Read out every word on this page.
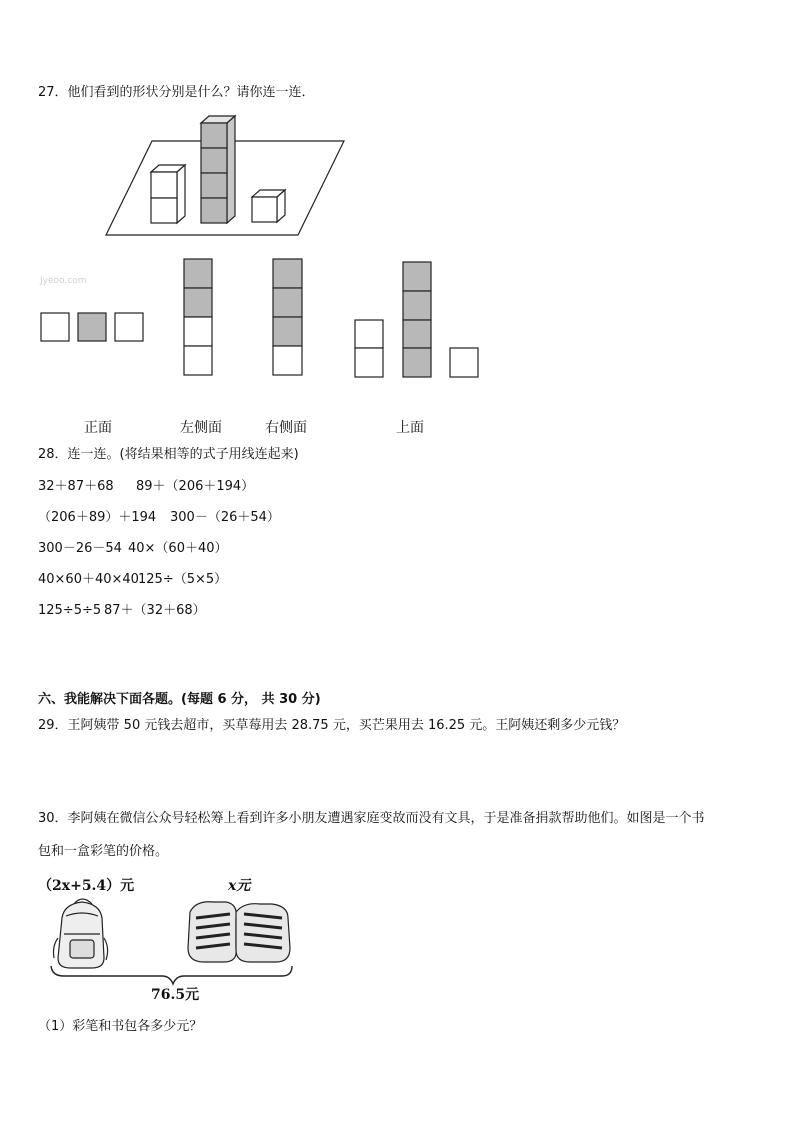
27．他们看到的形状分别是什么？请你连一连．
Jyeoo.com
正面	左侧面	右侧面	上面
28．连一连。(将结果相等的式子用线连起来)
32＋87＋68 89＋（206＋194）
（206＋89）＋194 300－（26＋54）
300－26－54 40×（60＋40）
40×60＋40×40 125÷（5×5）
125÷5÷5 87＋（32＋68）
六、我能解决下面各题。(每题 6 分， 共 30 分)
29．王阿姨带 50 元钱去超市，买草莓用去 28.75 元，买芒果用去 16.25 元。王阿姨还剩多少元钱？
30．李阿姨在微信公众号轻松筹上看到许多小朋友遭遇家庭变故而没有文具，于是准备捐款帮助他们。如图是一个书
包和一盒彩笔的价格。
（2x+5.4）元	x元
76.5元
（1）彩笔和书包各多少元？
